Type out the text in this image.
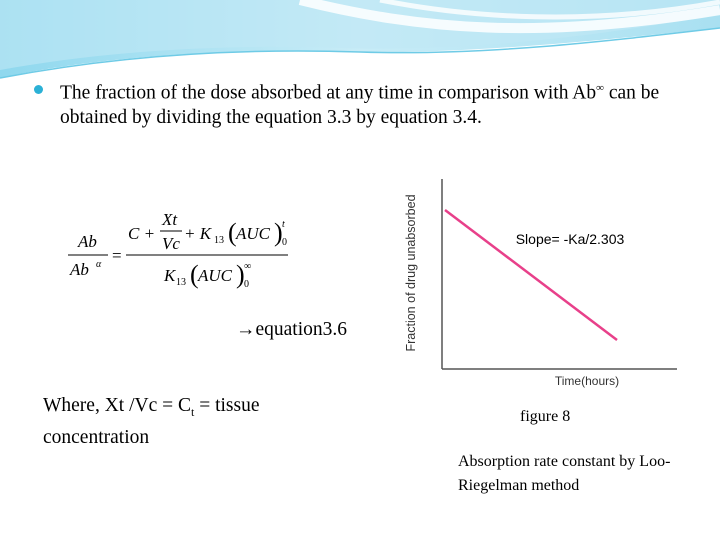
The fraction of the dose absorbed at any time in comparison with Ab∞ can be obtained by dividing the equation 3.3 by equation 3.4.
Ab
Ab α =
C +
Xt
Vc
+ K 13 ( AUC ) t
0
K 13 ( AUC ) ∞
0
→equation3.6
Where, Xt $/Vc = C_t$ = tissue concentration
Fraction of drug unabsorbed
Time(hours)
Slope= -Ka/2.303
figure 8
Absorption rate constant by Loo- Riegelman method
